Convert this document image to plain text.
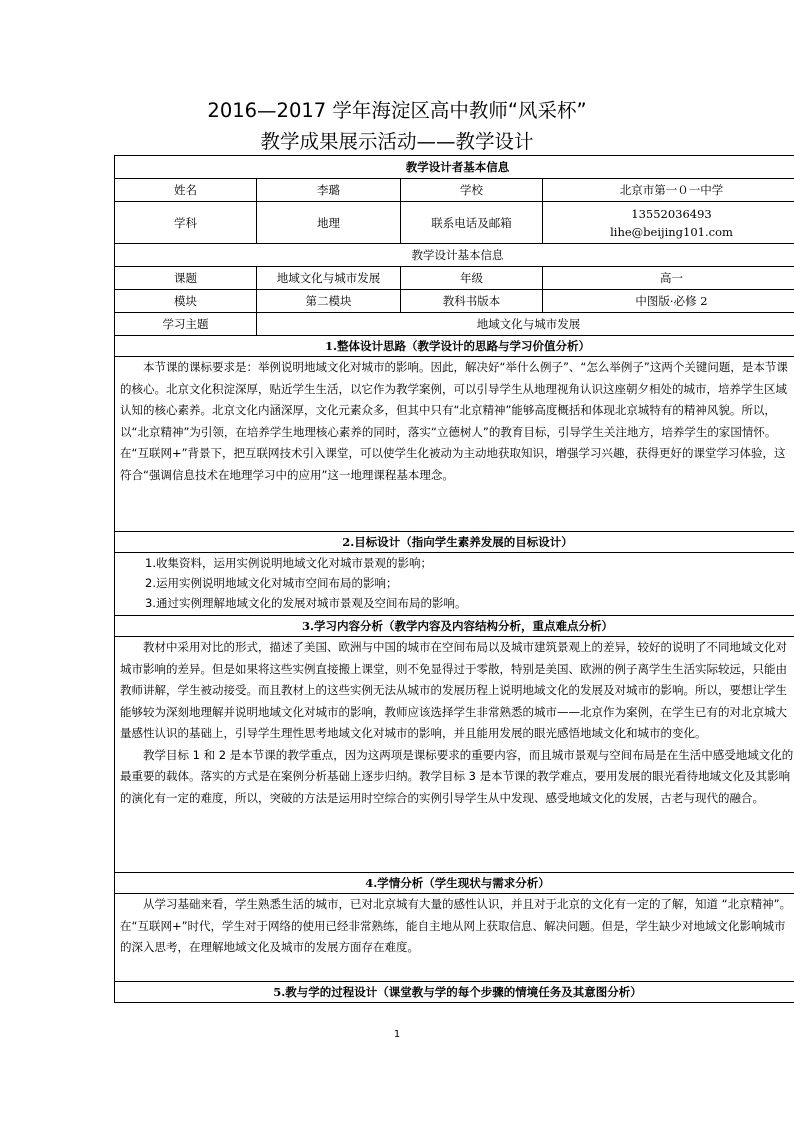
2016—2017 学年海淀区高中教师“风采杯”
教学成果展示活动——教学设计
教学设计者基本信息			
姓名	李璐	学校	北京市第一０一中学
学科	地理	联系电话及邮箱	13552036493
lihe@beijing101.com

教学设计基本信息			
课题	地域文化与城市发展	年级	高一
模块	第二模块	教科书版本	中图版·必修 2
学习主题	地域文化与城市发展		
1.整体设计思路（教学设计的思路与学习价值分析）			

本节课的课标要求是：举例说明地域文化对城市的影响。因此，解决好“举什么例子”、“怎么举例子”这两个关键问题，是本节课的核心。北京文化积淀深厚，贴近学生生活，以它作为教学案例，可以引导学生从地理视角认识这座朝夕相处的城市，培养学生区域认知的核心素养。北京文化内涵深厚，文化元素众多，但其中只有“北京精神”能够高度概括和体现北京城特有的精神风貌。所以，以“北京精神”为引领，在培养学生地理核心素养的同时，落实“立德树人”的教育目标，引导学生关注地方，培养学生的家国情怀。在“互联网+”背景下，把互联网技术引入课堂，可以使学生化被动为主动地获取知识，增强学习兴趣，获得更好的课堂学习体验，这符合“强调信息技术在地理学习中的应用”这一地理课程基本理念。			

2.目标设计（指向学生素养发展的目标设计）			

1.收集资料，运用实例说明地域文化对城市景观的影响；
2.运用实例说明地域文化对城市空间布局的影响；
3.通过实例理解地域文化的发展对城市景观及空间布局的影响。			

3.学习内容分析（教学内容及内容结构分析，重点难点分析）			

教材中采用对比的形式，描述了美国、欧洲与中国的城市在空间布局以及城市建筑景观上的差异，较好的说明了不同地域文化对城市影响的差异。但是如果将这些实例直接搬上课堂，则不免显得过于零散，特别是美国、欧洲的例子离学生生活实际较远，只能由教师讲解，学生被动接受。而且教材上的这些实例无法从城市的发展历程上说明地域文化的发展及对城市的影响。所以，要想让学生能够较为深刻地理解并说明地域文化对城市的影响，教师应该选择学生非常熟悉的城市——北京作为案例，在学生已有的对北京城大量感性认识的基础上，引导学生理性思考地域文化对城市的影响，并且能用发展的眼光感悟地域文化和城市的变化。

教学目标 1 和 2 是本节课的教学重点，因为这两项是课标要求的重要内容，而且城市景观与空间布局是在生活中感受地域文化的最重要的载体。落实的方式是在案例分析基础上逐步归纳。教学目标 3 是本节课的教学难点，要用发展的眼光看待地域文化及其影响的演化有一定的难度，所以，突破的方法是运用时空综合的实例引导学生从中发现、感受地域文化的发展，古老与现代的融合。			

4.学情分析（学生现状与需求分析）			

从学习基础来看，学生熟悉生活的城市，已对北京城有大量的感性认识，并且对于北京的文化有一定的了解，知道 “北京精神”。在“互联网+”时代，学生对于网络的使用已经非常熟练，能自主地从网上获取信息、解决问题。但是，学生缺少对地域文化影响城市的深入思考，在理解地域文化及城市的发展方面存在难度。			

5.教与学的过程设计（课堂教与学的每个步骤的情境任务及其意图分析）			
1
